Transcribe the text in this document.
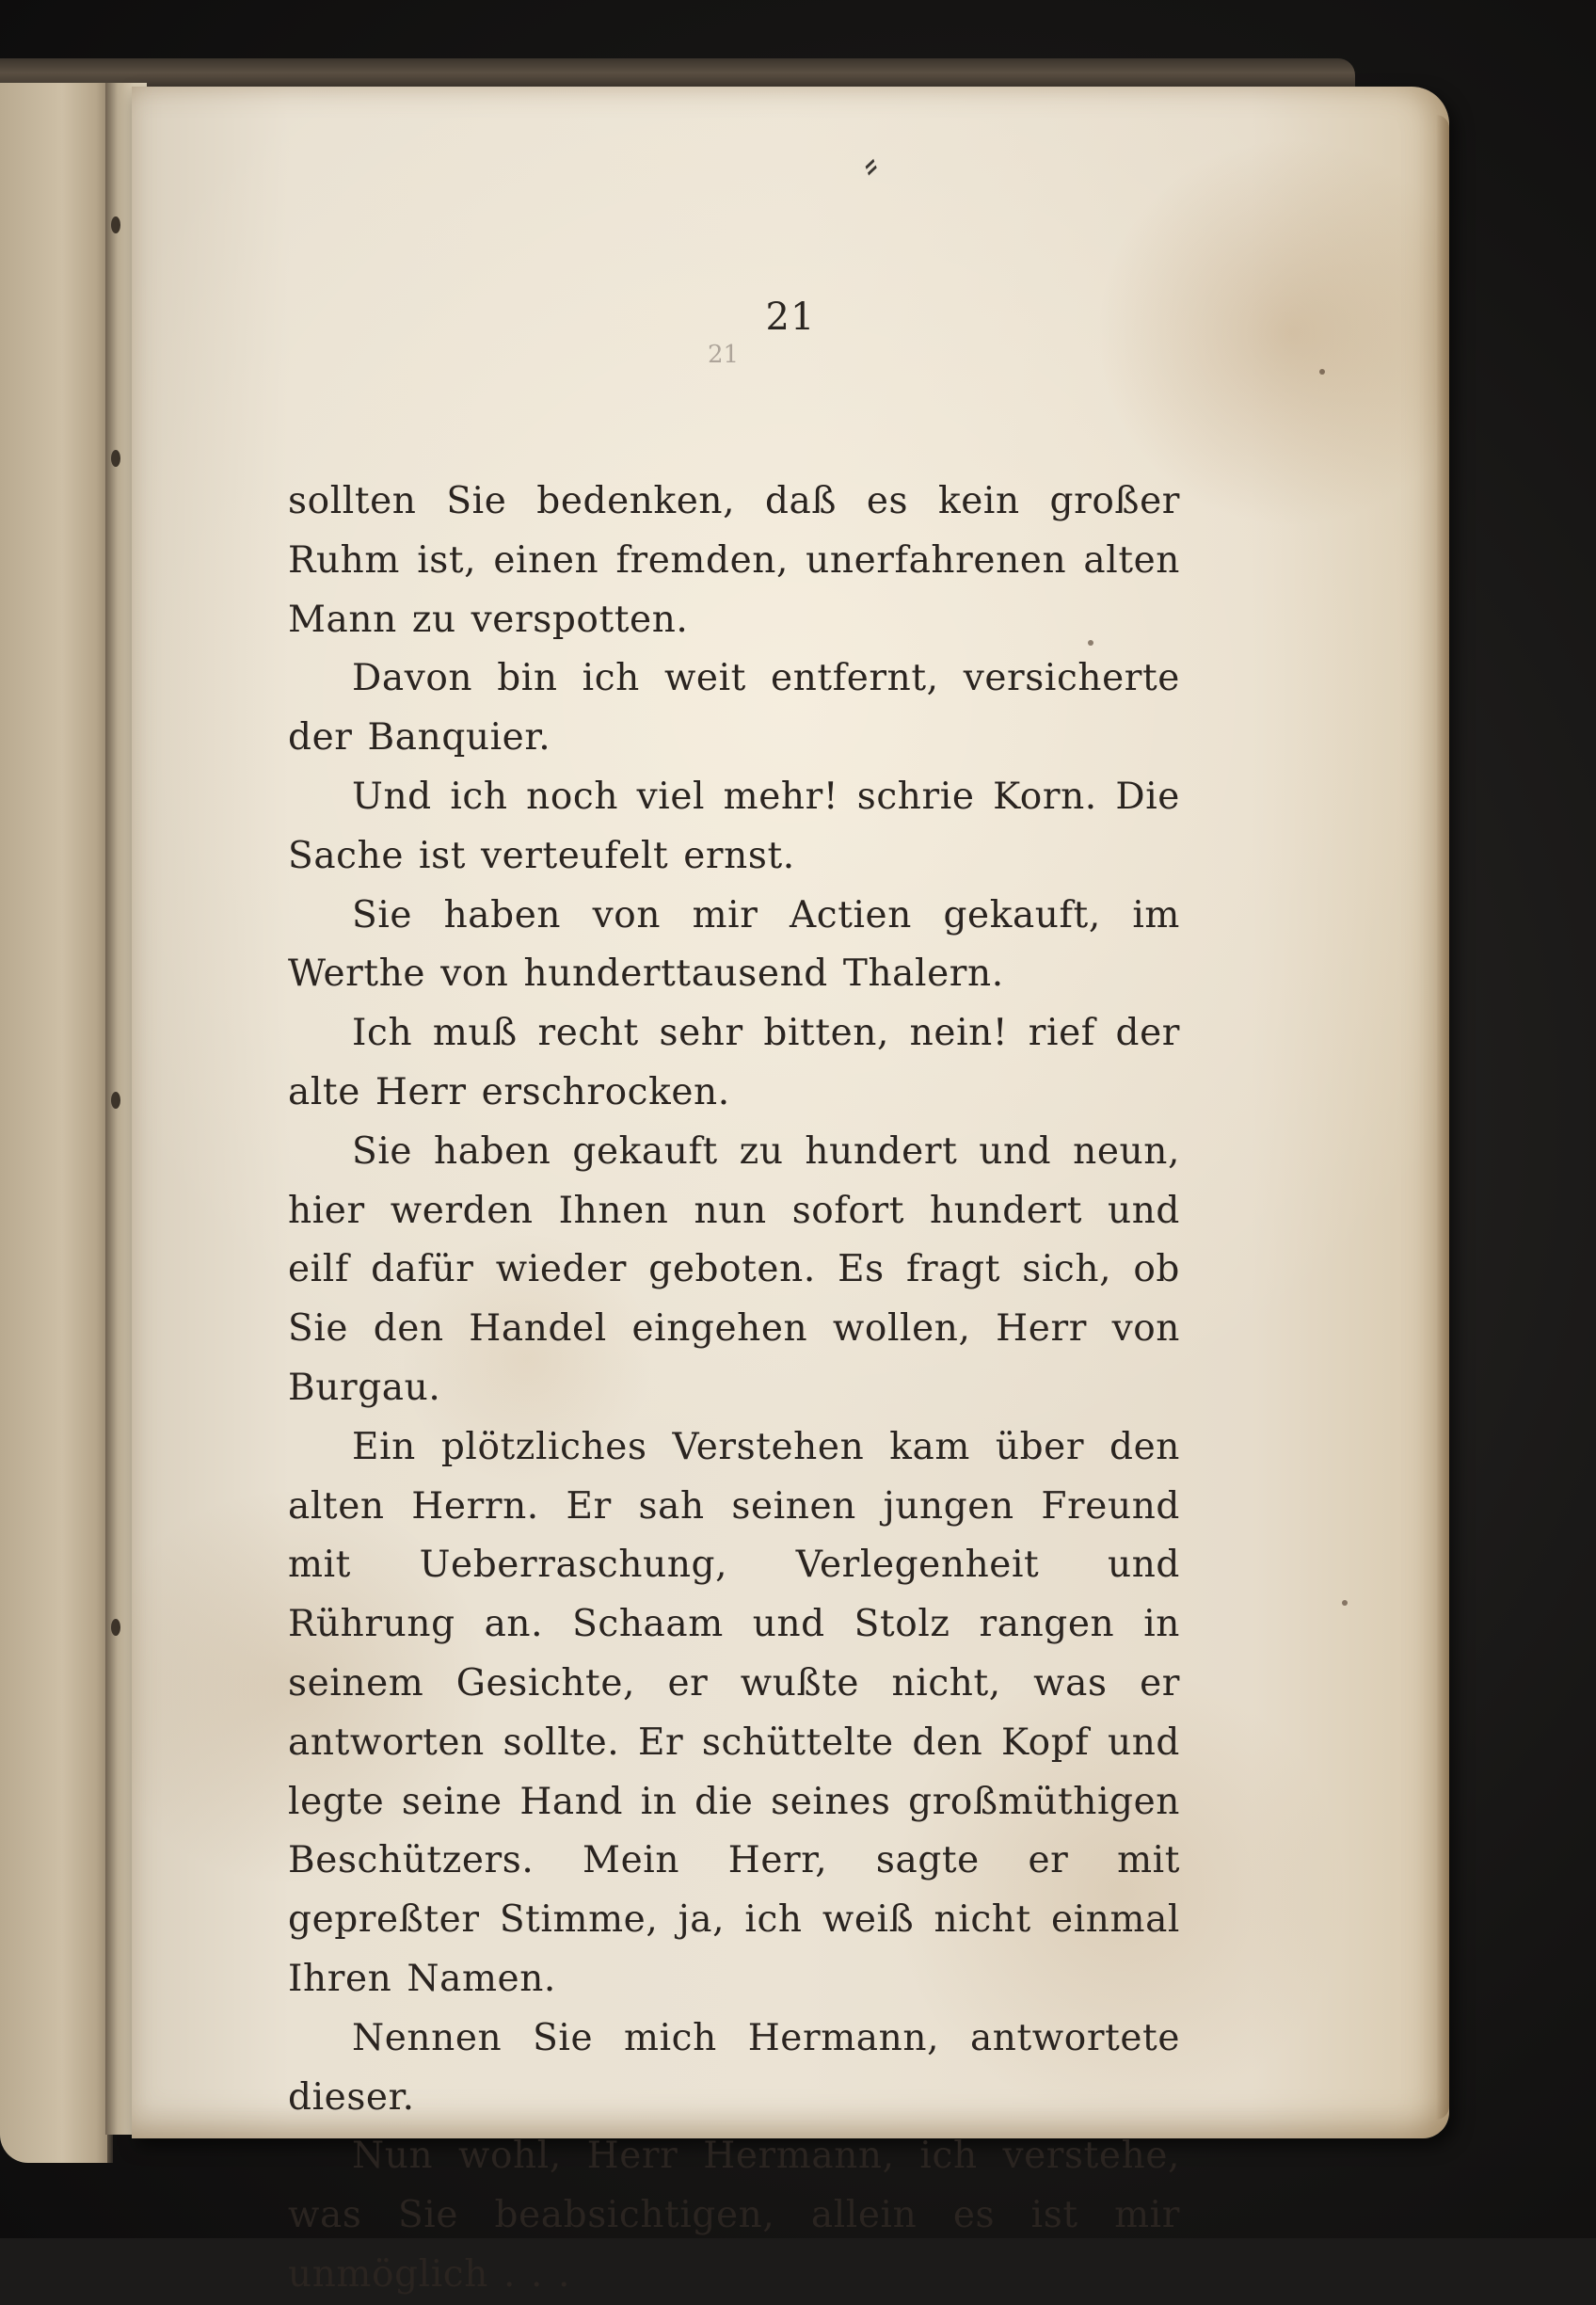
⸗
21
21

sollten Sie bedenken, daß es kein großer Ruhm ist, einen fremden, unerfahrenen alten Mann zu verspotten.

Davon bin ich weit entfernt, versicherte der Banquier.

Und ich noch viel mehr! schrie Korn. Die Sache ist verteufelt ernst.

Sie haben von mir Actien gekauft, im Werthe von hunderttausend Thalern.

Ich muß recht sehr bitten, nein! rief der alte Herr erschrocken.

Sie haben gekauft zu hundert und neun, hier werden Ihnen nun sofort hundert und eilf dafür wieder geboten. Es fragt sich, ob Sie den Handel eingehen wollen, Herr von Burgau.

Ein plötzliches Verstehen kam über den alten Herrn. Er sah seinen jungen Freund mit Ueberraschung, Verlegenheit und Rührung an. Schaam und Stolz rangen in seinem Gesichte, er wußte nicht, was er antworten sollte. Er schüttelte den Kopf und legte seine Hand in die seines großmüthigen Beschützers. Mein Herr, sagte er mit gepreßter Stimme, ja, ich weiß nicht einmal Ihren Namen.

Nennen Sie mich Hermann, antwortete dieser.

Nun wohl, Herr Hermann, ich verstehe, was Sie beabsichtigen, allein es ist mir unmöglich . . .
